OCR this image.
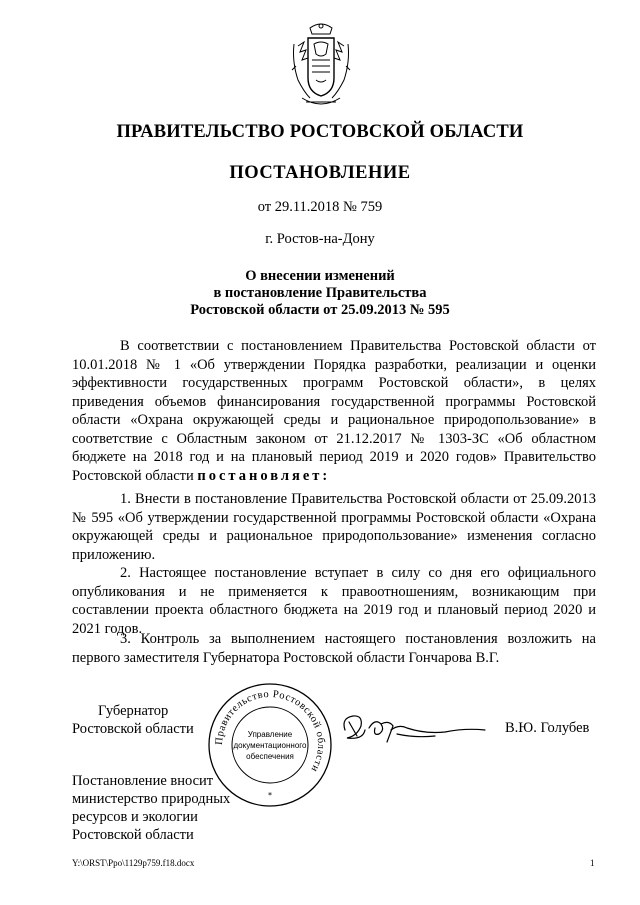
ПРАВИТЕЛЬСТВО РОСТОВСКОЙ ОБЛАСТИ
ПОСТАНОВЛЕНИЕ
от 29.11.2018 № 759
г. Ростов-на-Дону
О внесении изменений
в постановление Правительства
Ростовской области от 25.09.2013 № 595

В соответствии с постановлением Правительства Ростовской области от 10.01.2018 № 1 «Об утверждении Порядка разработки, реализации и оценки эффективности государственных программ Ростовской области», в целях приведения объемов финансирования государственной программы Ростовской области «Охрана окружающей среды и рациональное природопользование» в соответствие с Областным законом от 21.12.2017 № 1303-ЗС «Об областном бюджете на 2018 год и на плановый период 2019 и 2020 годов» Правительство Ростовской области постановляет:

1. Внести в постановление Правительства Ростовской области от 25.09.2013 № 595 «Об утверждении государственной программы Ростовской области «Охрана окружающей среды и рациональное природопользование» изменения согласно приложению.

2. Настоящее постановление вступает в силу со дня его официального опубликования и не применяется к правоотношениям, возникающим при составлении проекта областного бюджета на 2019 год и плановый период 2020 и 2021 годов.

3. Контроль за выполнением настоящего постановления возложить на первого заместителя Губернатора Ростовской области Гончарова В.Г.

Губернатор
Ростовской области
Правительство Ростовской области
Управление
документационного
обеспечения
*
В.Ю. Голубев
Постановление вносит
министерство природных
ресурсов и экологии
Ростовской области
Y:\ORST\Ppo\1129p759.f18.docx	1
